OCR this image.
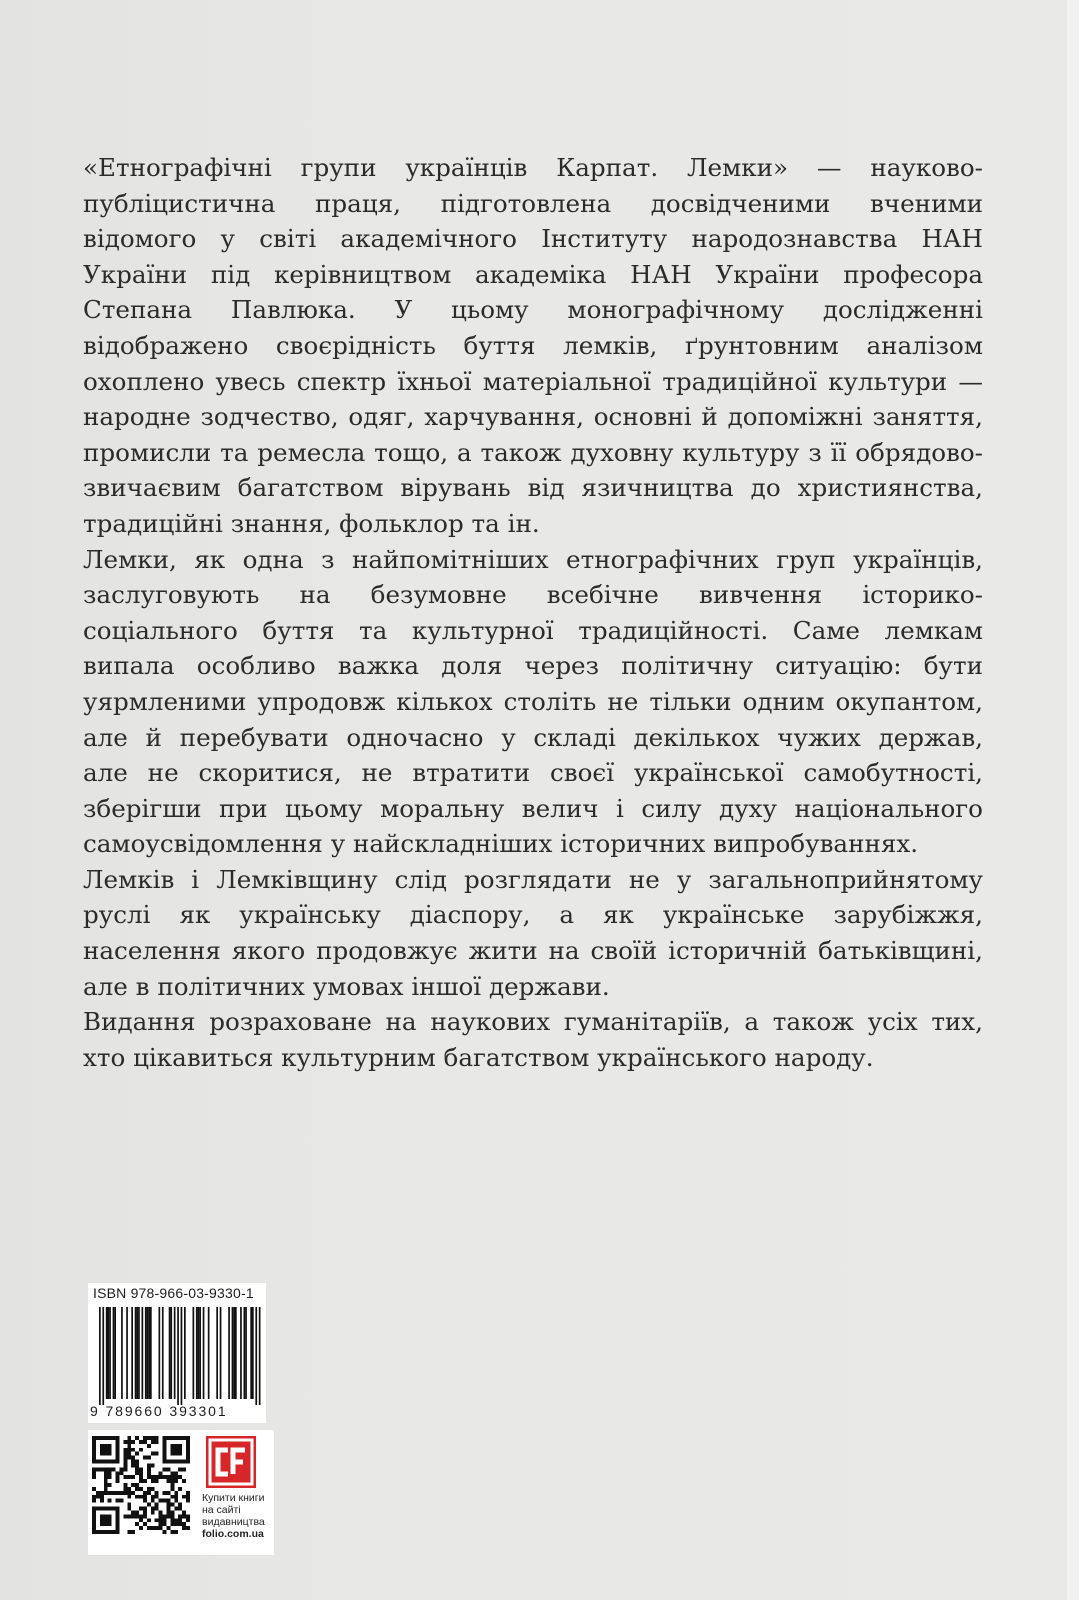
«Етнографічні групи українців Карпат. Лемки» — науково-
публіцистична праця, підготовлена досвідченими вченими
відомого у світі академічного Інституту народознавства НАН
України під керівництвом академіка НАН України професора
Степана Павлюка. У цьому монографічному дослідженні
відображено своєрідність буття лемків, ґрунтовним аналізом
охоплено увесь спектр їхньої матеріальної традиційної культури —
народне зодчество, одяг, харчування, основні й допоміжні заняття,
промисли та ремесла тощо, а також духовну культуру з її обрядово-
звичаєвим багатством вірувань від язичництва до християнства,
традиційні знання, фольклор та ін.

Лемки, як одна з найпомітніших етнографічних груп українців,
заслуговують на безумовне всебічне вивчення історико-
соціального буття та культурної традиційності. Саме лемкам
випала особливо важка доля через політичну ситуацію: бути
уярмленими упродовж кількох століть не тільки одним окупантом,
але й перебувати одночасно у складі декількох чужих держав,
але не скоритися, не втратити своєї української самобутності,
зберігши при цьому моральну велич і силу духу національного
самоусвідомлення у найскладніших історичних випробуваннях.

Лемків і Лемківщину слід розглядати не у загальноприйнятому
руслі як українську діаспору, а як українське зарубіжжя,
населення якого продовжує жити на своїй історичній батьківщині,
але в політичних умовах іншої держави.

Видання розраховане на наукових гуманітаріїв, а також усіх тих,
хто цікавиться культурним багатством українського народу.

ISBN 978-966-03-9330-1
9 789660 393301
Купити книги
на сайті
видавництва
folio.com.ua
